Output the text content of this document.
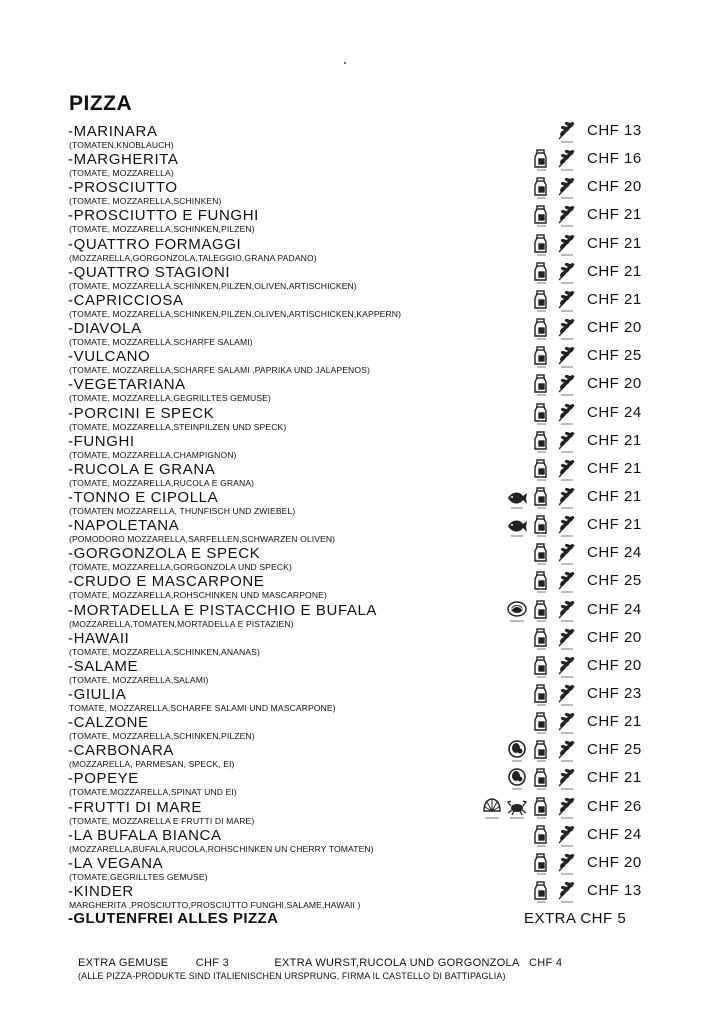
PIZZA
-MARINARA
(TOMATEN,KNOBLAUCH)
CHF 13
-MARGHERITA
(TOMATE, MOZZARELLA)
CHF 16
-PROSCIUTTO
(TOMATE, MOZZARELLA,SCHINKEN)
CHF 20
-PROSCIUTTO E FUNGHI
(TOMATE, MOZZARELLA,SCHINKEN,PILZEN)
CHF 21
-QUATTRO FORMAGGI
(MOZZARELLA,GORGONZOLA,TALEGGIO,GRANA PADANO)
CHF 21
-QUATTRO STAGIONI
(TOMATE, MOZZARELLA,SCHINKEN,PILZEN,OLIVEN,ARTISCHICKEN)
CHF 21
-CAPRICCIOSA
(TOMATE, MOZZARELLA,SCHINKEN,PILZEN,OLIVEN,ARTISCHICKEN,KAPPERN)
CHF 21
-DIAVOLA
(TOMATE, MOZZARELLA,SCHARFE SALAMI)
CHF 20
-VULCANO
(TOMATE, MOZZARELLA,SCHARFE SALAMI ,PAPRIKA UND JALAPENOS)
CHF 25
-VEGETARIANA
(TOMATE, MOZZARELLA,GEGRILLTES GEMUSE)
CHF 20
-PORCINI E SPECK
(TOMATE, MOZZARELLA,STEINPILZEN UND SPECK)
CHF 24
-FUNGHI
(TOMATE, MOZZARELLA,CHAMPIGNON)
CHF 21
-RUCOLA E GRANA
(TOMATE, MOZZARELLA,RUCOLA E GRANA)
CHF 21
-TONNO E CIPOLLA
(TOMATEN MOZZARELLA, THUNFISCH UND ZWIEBEL)
CHF 21
-NAPOLETANA
(POMODORO MOZZARELLA,SARFELLEN,SCHWARZEN OLIVEN)
CHF 21
-GORGONZOLA E SPECK
(TOMATE, MOZZARELLA,GORGONZOLA UND SPECK)
CHF 24
-CRUDO E MASCARPONE
(TOMATE, MOZZARELLA,ROHSCHINKEN UND MASCARPONE)
CHF 25
-MORTADELLA E PISTACCHIO E BUFALA
(MOZZARELLA,TOMATEN,MORTADELLA E PISTAZIEN)
CHF 24
-HAWAII
(TOMATE, MOZZARELLA,SCHINKEN,ANANAS)
CHF 20
-SALAME
(TOMATE, MOZZARELLA,SALAMI)
CHF 20
-GIULIA
TOMATE, MOZZARELLA,SCHARFE SALAMI UND MASCARPONE)
CHF 23
-CALZONE
(TOMATE, MOZZARELLA,SCHINKEN,PILZEN)
CHF 21
-CARBONARA
(MOZZARELLA, PARMESAN, SPECK, EI)
CHF 25
-POPEYE
(TOMATE,MOZZARELLA,SPINAT UND EI)
CHF 21
-FRUTTI DI MARE
(TOMATE, MOZZARELLA E FRUTTI DI MARE)
CHF 26
-LA BUFALA BIANCA
(MOZZARELLA,BUFALA,RUCOLA,ROHSCHINKEN UN CHERRY TOMATEN)
CHF 24
-LA VEGANA
(TOMATE,GEGRILLTES GEMUSE)
CHF 20
-KINDER
MARGHERITA ,PROSCIUTTO,PROSCIUTTO FUNGHI,SALAME,HAWAII )
CHF 13
-GLUTENFREI ALLES PIZZA	EXTRA CHF 5
EXTRA GEMUSE CHF 3	EXTRA WURST,RUCOLA UND GORGONZOLA CHF 4
(ALLE PIZZA-PRODUKTE SIND ITALIENISCHEN URSPRUNG, FIRMA IL CASTELLO DI BATTIPAGLIA)
